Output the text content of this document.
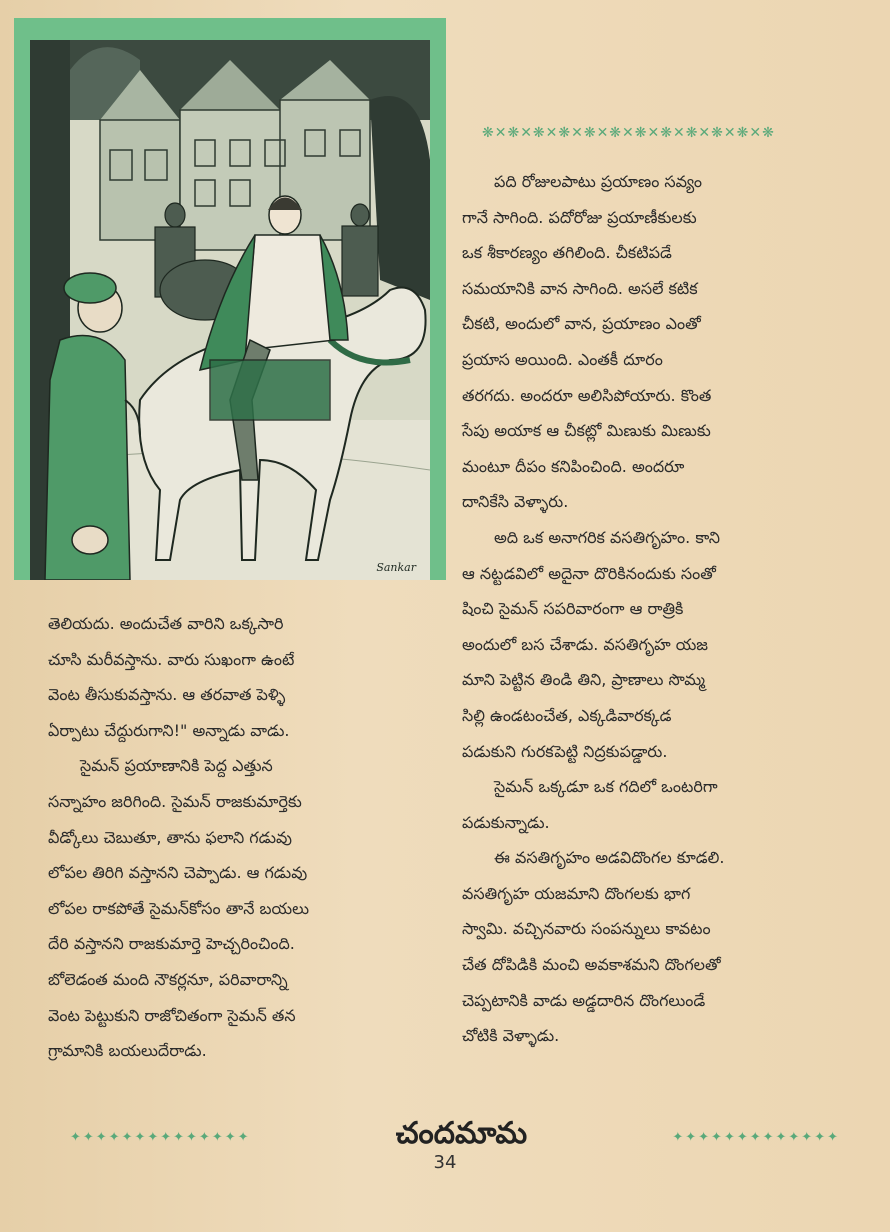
Sankar
❋✕❋✕❋✕❋✕❋✕❋✕❋✕❋✕❋✕❋✕❋✕❋

పది రోజులపాటు ప్రయాణం సవ్యం

గానే సాగింది. పదోరోజు ప్రయాణీకులకు

ఒక శీకారణ్యం తగిలింది. చీకటిపడే

సమయానికి వాన సాగింది. అసలే కటిక

చీకటి, అందులో వాన, ప్రయాణం ఎంతో

ప్రయాస అయింది. ఎంతకీ దూరం

తరగదు. అందరూ అలిసిపోయారు. కొంత

సేపు అయాక ఆ చీకట్లో మిణుకు మిణుకు

మంటూ దీపం కనిపించింది. అందరూ

దానికేసి వెళ్ళారు.

అది ఒక అనాగరిక వసతిగృహం. కాని

ఆ నట్టడవిలో అదైనా దొరికినందుకు సంతో

షించి సైమన్ సపరివారంగా ఆ రాత్రికి

అందులో బస చేశాడు. వసతిగృహ యజ

మాని పెట్టిన తిండి తిని, ప్రాణాలు సొమ్మ

సిల్లి ఉండటంచేత, ఎక్కడివారక్కడ

పడుకుని గురకపెట్టి నిద్రకుపడ్డారు.

సైమన్ ఒక్కడూ ఒక గదిలో ఒంటరిగా

పడుకున్నాడు.

ఈ వసతిగృహం అడవిదొంగల కూడలి.

వసతిగృహ యజమాని దొంగలకు భాగ

స్వామి. వచ్చినవారు సంపన్నులు కావటం

చేత దోపిడికి మంచి అవకాశమని దొంగలతో

చెప్పటానికి వాడు అడ్డదారిన దొంగలుండే

చోటికి వెళ్ళాడు.

తెలియదు. అందుచేత వారిని ఒక్కసారి

చూసి మరీవస్తాను. వారు సుఖంగా ఉంటే

వెంట తీసుకువస్తాను. ఆ తరవాత పెళ్ళి

ఏర్పాటు చేద్దురుగాని!" అన్నాడు వాడు.

సైమన్ ప్రయాణానికి పెద్ద ఎత్తున

సన్నాహం జరిగింది. సైమన్ రాజకుమార్తెకు

వీడ్కోలు చెబుతూ, తాను ఫలాని గడువు

లోపల తిరిగి వస్తానని చెప్పాడు. ఆ గడువు

లోపల రాకపోతే సైమన్‌కోసం తానే బయలు

దేరి వస్తానని రాజకుమార్తె హెచ్చరించింది.

బోలెడంత మంది నౌకర్లనూ, పరివారాన్ని

వెంట పెట్టుకుని రాజోచితంగా సైమన్ తన

గ్రామానికి బయలుదేరాడు.

✦✦✦✦✦✦✦✦✦✦✦✦✦✦	చందమామ	✦✦✦✦✦✦✦✦✦✦✦✦✦
34
